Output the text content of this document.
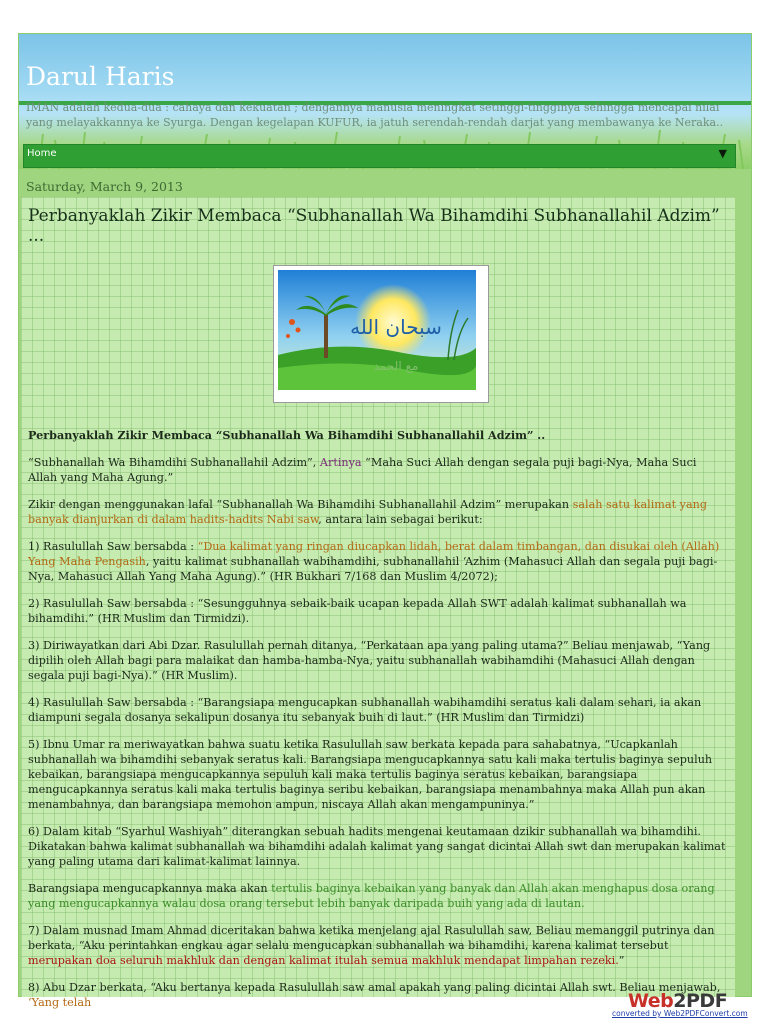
Darul Haris

IMAN adalah kedua-dua : cahaya dan kekuatan ; dengannya manusia meningkat setinggi-tingginya sehingga mencapai nilai yang melayakkannya ke Syurga. Dengan kegelapan KUFUR, ia jatuh serendah-rendah darjat yang membawanya ke Neraka..

Home	▼
Saturday, March 9, 2013
Perbanyaklah Zikir Membaca “Subhanallah Wa Bihamdihi Subhanallahil Adzim” ...
سبحان الله
مع الحمد

Perbanyaklah Zikir Membaca “Subhanallah Wa Bihamdihi Subhanallahil Adzim” ..

“Subhanallah Wa Bihamdihi Subhanallahil Adzim”, Artinya “Maha Suci Allah dengan segala puji bagi-Nya, Maha Suci Allah yang Maha Agung.”

Zikir dengan menggunakan lafal “Subhanallah Wa Bihamdihi Subhanallahil Adzim” merupakan salah satu kalimat yang banyak dianjurkan di dalam hadits-hadits Nabi saw, antara lain sebagai berikut:

1) Rasulullah Saw bersabda : “Dua kalimat yang ringan diucapkan lidah, berat dalam timbangan, dan disukai oleh (Allah) Yang Maha Pengasih, yaitu kalimat subhanallah wabihamdihi, subhanallahil ‘Azhim (Mahasuci Allah dan segala puji bagi-Nya, Mahasuci Allah Yang Maha Agung).” (HR Bukhari 7/168 dan Muslim 4/2072);

2) Rasulullah Saw bersabda : “Sesungguhnya sebaik-baik ucapan kepada Allah SWT adalah kalimat subhanallah wa bihamdihi.” (HR Muslim dan Tirmidzi).

3) Diriwayatkan dari Abi Dzar. Rasulullah pernah ditanya, “Perkataan apa yang paling utama?” Beliau menjawab, “Yang dipilih oleh Allah bagi para malaikat dan hamba-hamba-Nya, yaitu subhanallah wabihamdihi (Mahasuci Allah dengan segala puji bagi-Nya).” (HR Muslim).

4) Rasulullah Saw bersabda : “Barangsiapa mengucapkan subhanallah wabihamdihi seratus kali dalam sehari, ia akan diampuni segala dosanya sekalipun dosanya itu sebanyak buih di laut.” (HR Muslim dan Tirmidzi)

5) Ibnu Umar ra meriwayatkan bahwa suatu ketika Rasulullah saw berkata kepada para sahabatnya, “Ucapkanlah subhanallah wa bihamdihi sebanyak seratus kali. Barangsiapa mengucapkannya satu kali maka tertulis baginya sepuluh kebaikan, barangsiapa mengucapkannya sepuluh kali maka tertulis baginya seratus kebaikan, barangsiapa mengucapkannya seratus kali maka tertulis baginya seribu kebaikan, barangsiapa menambahnya maka Allah pun akan menambahnya, dan barangsiapa memohon ampun, niscaya Allah akan mengampuninya.”

6) Dalam kitab “Syarhul Washiyah” diterangkan sebuah hadits mengenai keutamaan dzikir subhanallah wa bihamdihi. Dikatakan bahwa kalimat subhanallah wa bihamdihi adalah kalimat yang sangat dicintai Allah swt dan merupakan kalimat yang paling utama dari kalimat-kalimat lainnya.

Barangsiapa mengucapkannya maka akan tertulis baginya kebaikan yang banyak dan Allah akan menghapus dosa orang yang mengucapkannya walau dosa orang tersebut lebih banyak daripada buih yang ada di lautan.

7) Dalam musnad Imam Ahmad diceritakan bahwa ketika menjelang ajal Rasulullah saw, Beliau memanggil putrinya dan berkata, “Aku perintahkan engkau agar selalu mengucapkan subhanallah wa bihamdihi, karena kalimat tersebut merupakan doa seluruh makhluk dan dengan kalimat itulah semua makhluk mendapat limpahan rezeki.”

8) Abu Dzar berkata, “Aku bertanya kepada Rasulullah saw amal apakah yang paling dicintai Allah swt. Beliau menjawab, ‘Yang telah	Web2PDF
converted by Web2PDFConvert.com
